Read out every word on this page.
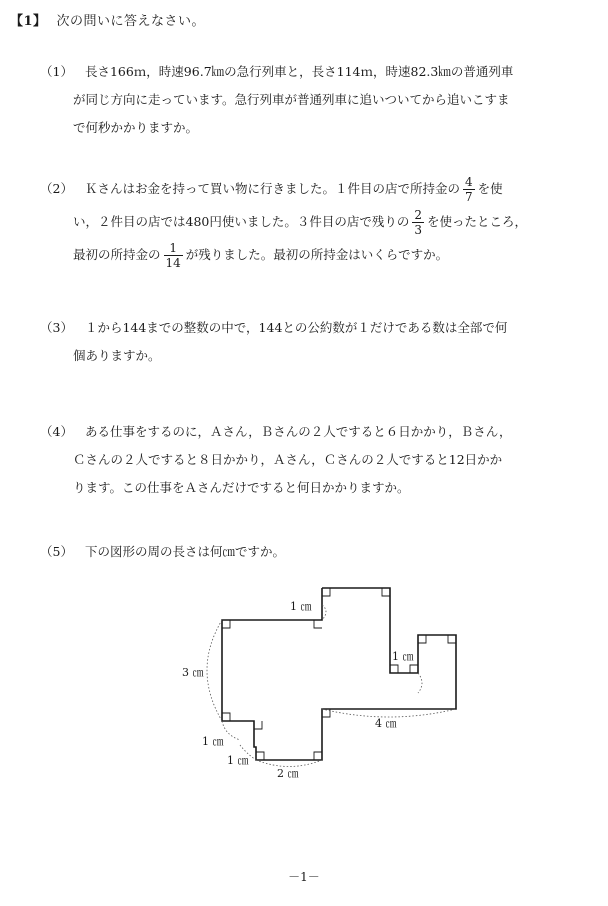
【1】 次の問いに答えなさい。
（1） 長さ166ｍ，時速96.7㎞の急行列車と，長さ114ｍ，時速82.3㎞の普通列車
が同じ方向に走っています。急行列車が普通列車に追いついてから追いこすま
で何秒かかりますか。
（2） Ｋさんはお金を持って買い物に行きました。１件目の店で所持金の $\frac{4}{7}$ を使
い，２件目の店では480円使いました。３件目の店で残りの $\frac{2}{3}$ を使ったところ，
最初の所持金の $\frac{1}{14}$ が残りました。最初の所持金はいくらですか。
（3） １から144までの整数の中で，144との公約数が１だけである数は全部で何
個ありますか。
（4） ある仕事をするのに，Ａさん，Ｂさんの２人ですると６日かかり，Ｂさん，
Ｃさんの２人ですると８日かかり，Ａさん，Ｃさんの２人ですると12日かか
ります。この仕事をＡさんだけですると何日かかりますか。
（5） 下の図形の周の長さは何㎝ですか。
1 ㎝
1 ㎝
3 ㎝
4 ㎝
1 ㎝
1 ㎝
2 ㎝
－1－
